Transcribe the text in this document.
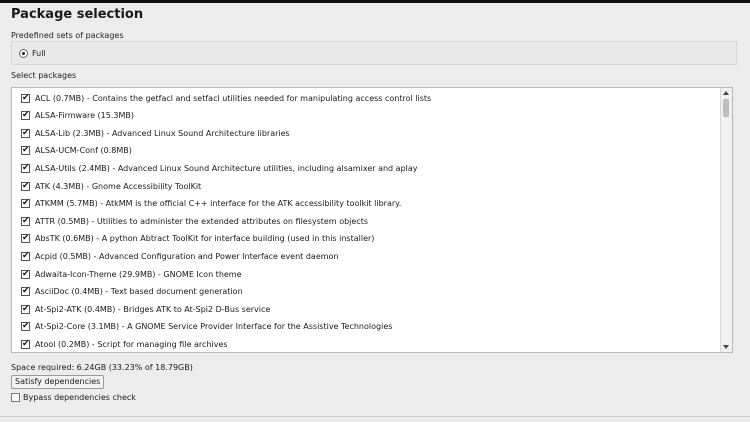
Package selection
Predefined sets of packages
Full
Select packages
✔ ACL (0.7MB) - Contains the getfacl and setfacl utilities needed for manipulating access control lists
✔ ALSA-Firmware (15.3MB)
✔ ALSA-Lib (2.3MB) - Advanced Linux Sound Architecture libraries
✔ ALSA-UCM-Conf (0.8MB)
✔ ALSA-Utils (2.4MB) - Advanced Linux Sound Architecture utilities, including alsamixer and aplay
✔ ATK (4.3MB) - Gnome Accessibility ToolKit
✔ ATKMM (5.7MB) - AtkMM is the official C++ interface for the ATK accessibility toolkit library.
✔ ATTR (0.5MB) - Utilities to administer the extended attributes on filesystem objects
✔ AbsTK (0.6MB) - A python Abtract ToolKit for interface building (used in this installer)
✔ Acpid (0.5MB) - Advanced Configuration and Power Interface event daemon
✔ Adwaita-Icon-Theme (29.9MB) - GNOME Icon theme
✔ AsciiDoc (0.4MB) - Text based document generation
✔ At-Spi2-ATK (0.4MB) - Bridges ATK to At-Spi2 D-Bus service
✔ At-Spi2-Core (3.1MB) - A GNOME Service Provider Interface for the Assistive Technologies
✔ Atool (0.2MB) - Script for managing file archives
Space required: 6.24GB (33.23% of 18.79GB)
Satisfy dependencies
Bypass dependencies check
